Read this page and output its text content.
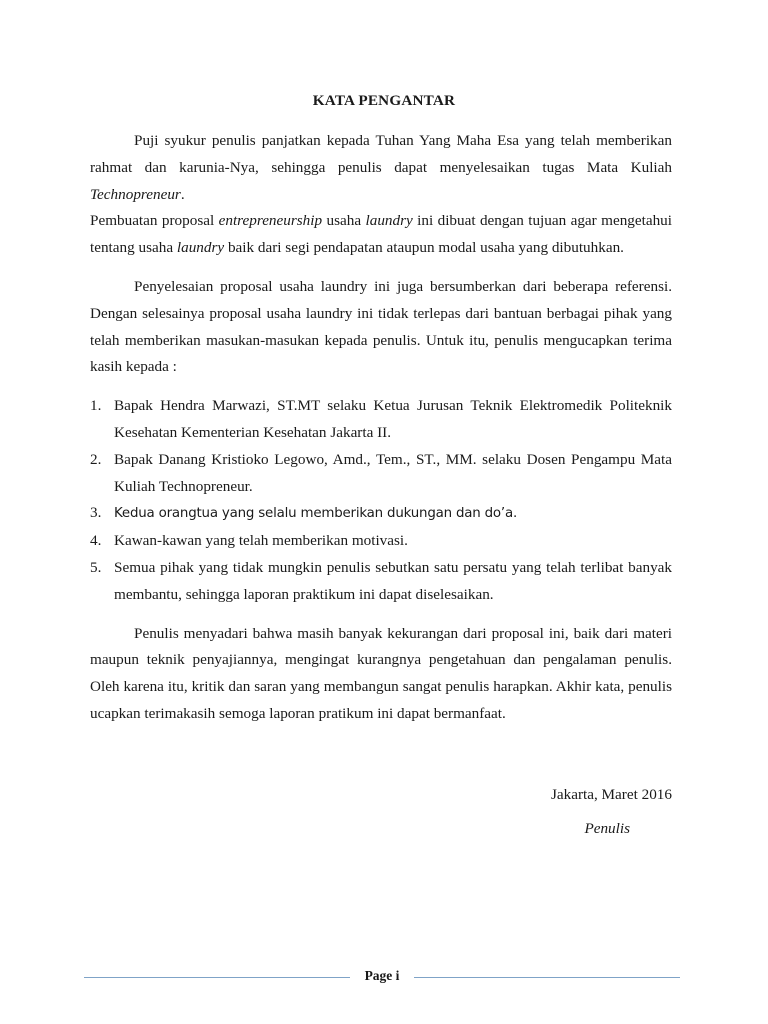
KATA PENGANTAR

Puji syukur penulis panjatkan kepada Tuhan Yang Maha Esa yang telah memberikan rahmat dan karunia-Nya, sehingga penulis dapat menyelesaikan tugas Mata Kuliah Technopreneur.

Pembuatan proposal entrepreneurship usaha laundry ini dibuat dengan tujuan agar mengetahui tentang usaha laundry baik dari segi pendapatan ataupun modal usaha yang dibutuhkan.

Penyelesaian proposal usaha laundry ini juga bersumberkan dari beberapa referensi. Dengan selesainya proposal usaha laundry ini tidak terlepas dari bantuan berbagai pihak yang telah memberikan masukan-masukan kepada penulis. Untuk itu, penulis mengucapkan terima kasih kepada :

1. Bapak Hendra Marwazi, ST.MT selaku Ketua Jurusan Teknik Elektromedik Politeknik Kesehatan Kementerian Kesehatan Jakarta II.
2. Bapak Danang Kristioko Legowo, Amd., Tem., ST., MM. selaku Dosen Pengampu Mata Kuliah Technopreneur.
3. Kedua orangtua yang selalu memberikan dukungan dan do’a.
4. Kawan-kawan yang telah memberikan motivasi.
5. Semua pihak yang tidak mungkin penulis sebutkan satu persatu yang telah terlibat banyak membantu, sehingga laporan praktikum ini dapat diselesaikan.

Penulis menyadari bahwa masih banyak kekurangan dari proposal ini, baik dari materi maupun teknik penyajiannya, mengingat kurangnya pengetahuan dan pengalaman penulis. Oleh karena itu, kritik dan saran yang membangun sangat penulis harapkan. Akhir kata, penulis ucapkan terimakasih semoga laporan pratikum ini dapat bermanfaat.

Jakarta, Maret 2016
Penulis
Page i
